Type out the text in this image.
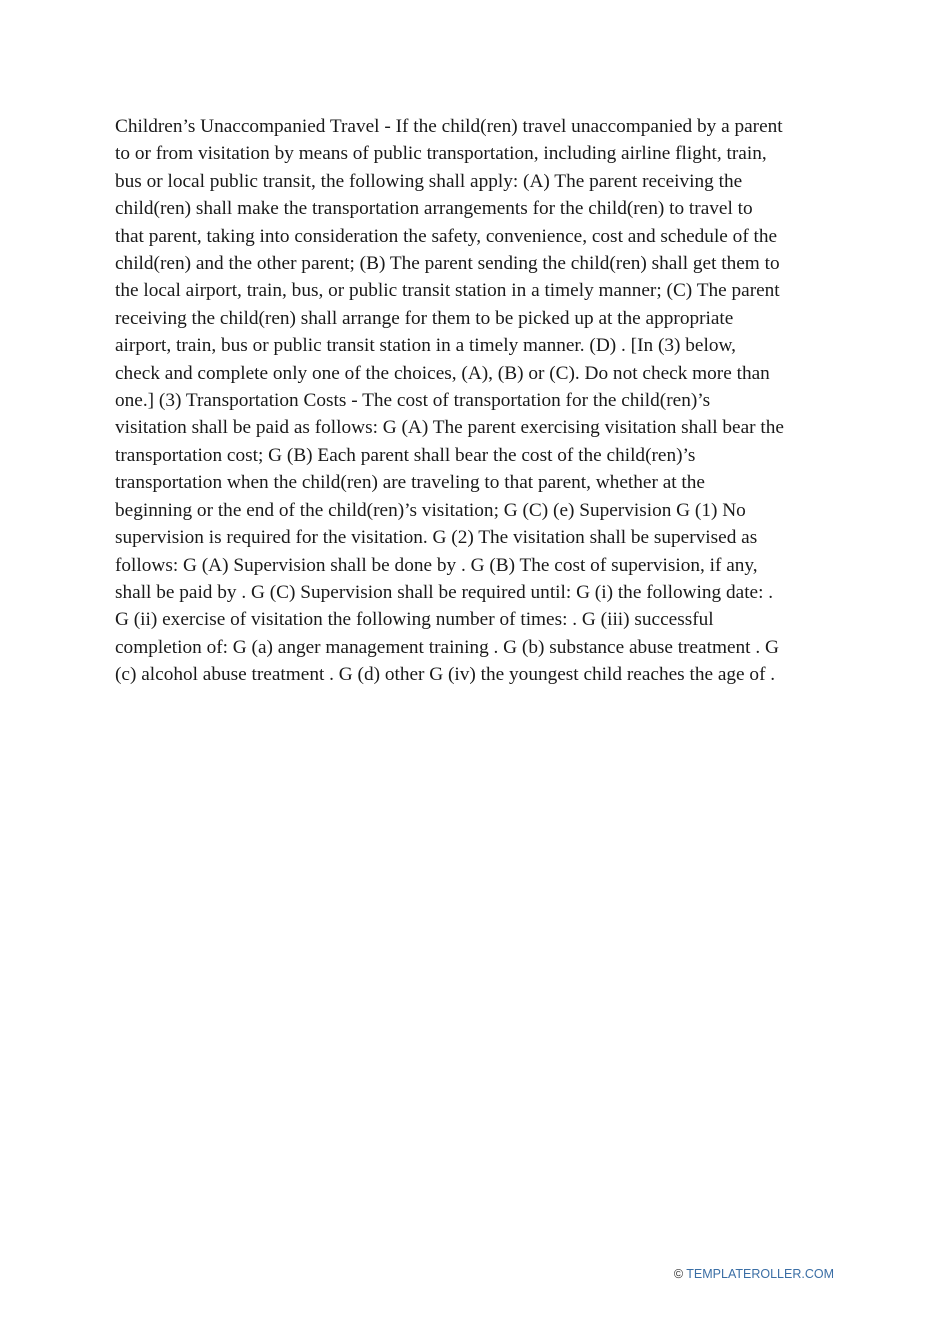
Children’s Unaccompanied Travel - If the child(ren) travel unaccompanied by a parent
to or from visitation by means of public transportation, including airline flight, train,
bus or local public transit, the following shall apply: (A) The parent receiving the
child(ren) shall make the transportation arrangements for the child(ren) to travel to
that parent, taking into consideration the safety, convenience, cost and schedule of the
child(ren) and the other parent; (B) The parent sending the child(ren) shall get them to
the local airport, train, bus, or public transit station in a timely manner; (C) The parent
receiving the child(ren) shall arrange for them to be picked up at the appropriate
airport, train, bus or public transit station in a timely manner. (D) . [In (3) below,
check and complete only one of the choices, (A), (B) or (C). Do not check more than
one.] (3) Transportation Costs - The cost of transportation for the child(ren)’s
visitation shall be paid as follows: G (A) The parent exercising visitation shall bear the
transportation cost; G (B) Each parent shall bear the cost of the child(ren)’s
transportation when the child(ren) are traveling to that parent, whether at the
beginning or the end of the child(ren)’s visitation; G (C) (e) Supervision G (1) No
supervision is required for the visitation. G (2) The visitation shall be supervised as
follows: G (A) Supervision shall be done by . G (B) The cost of supervision, if any,
shall be paid by . G (C) Supervision shall be required until: G (i) the following date: .
G (ii) exercise of visitation the following number of times: . G (iii) successful
completion of: G (a) anger management training . G (b) substance abuse treatment . G
(c) alcohol abuse treatment . G (d) other G (iv) the youngest child reaches the age of .
© TEMPLATEROLLER.COM
